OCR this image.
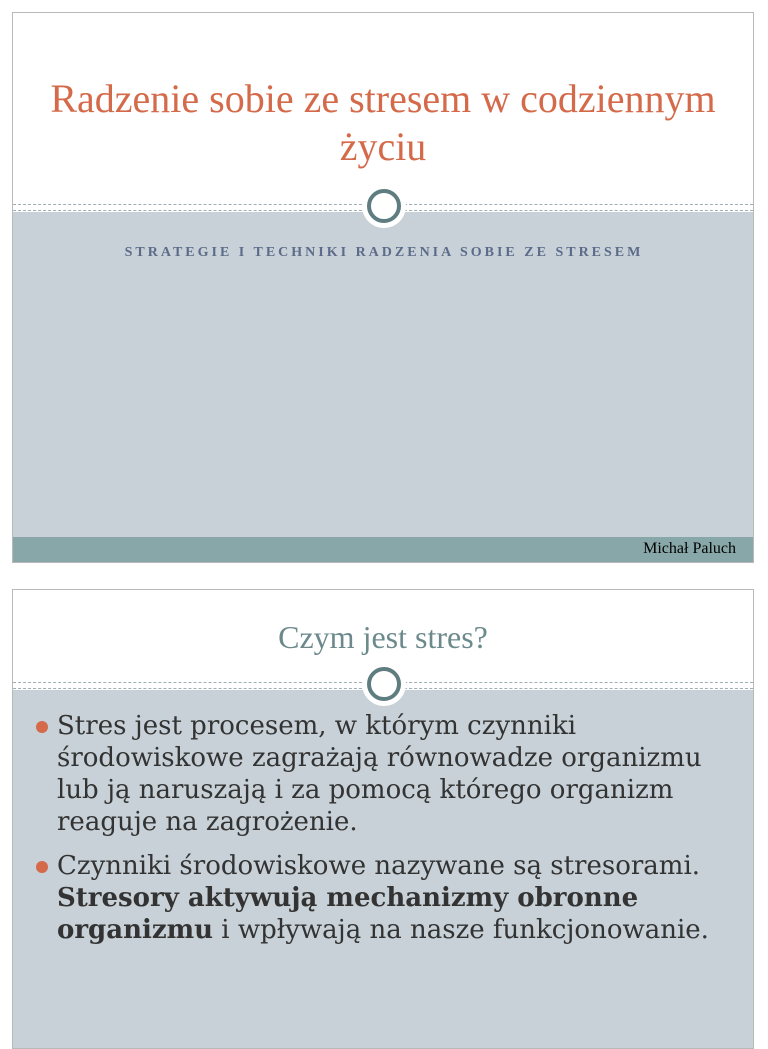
Radzenie sobie ze stresem w codziennym życiu
STRATEGIE I TECHNIKI RADZENIA SOBIE ZE STRESEM
Michał Paluch
Czym jest stres?
Stres jest procesem, w którym czynniki środowiskowe zagrażają równowadze organizmu lub ją naruszają i za pomocą którego organizm reaguje na zagrożenie.
Czynniki środowiskowe nazywane są stresorami. Stresory aktywują mechanizmy obronne organizmu i wpływają na nasze funkcjonowanie.
